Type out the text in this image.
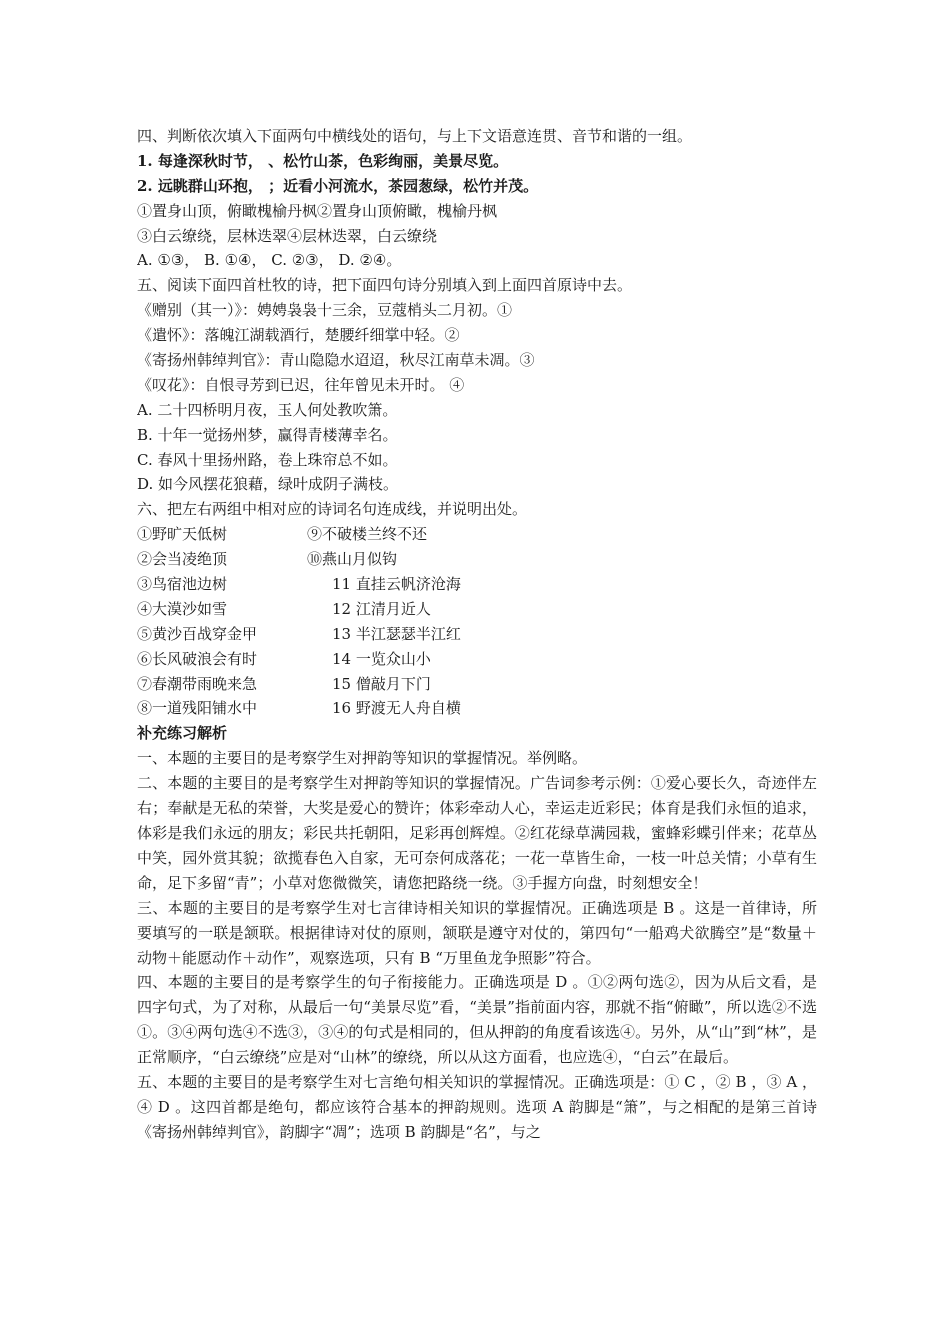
四、判断依次填入下面两句中横线处的语句，与上下文语意连贯、音节和谐的一组。
1. 每逢深秋时节， 、松竹山茶，色彩绚丽，美景尽览。
2. 远眺群山环抱， ；近看小河流水，茶园葱绿，松竹并茂。
①置身山顶，俯瞰槐榆丹枫②置身山顶俯瞰，槐榆丹枫
③白云缭绕，层林迭翠④层林迭翠，白云缭绕
A. ①③， B. ①④， C. ②③， D. ②④。
五、阅读下面四首杜牧的诗，把下面四句诗分别填入到上面四首原诗中去。
《赠别（其一）》：娉娉袅袅十三余，豆蔻梢头二月初。①
《遣怀》：落魄江湖载酒行，楚腰纤细掌中轻。②
《寄扬州韩绰判官》：青山隐隐水迢迢，秋尽江南草未凋。③
《叹花》：自恨寻芳到已迟，往年曾见未开时。 ④
A. 二十四桥明月夜，玉人何处教吹箫。
B. 十年一觉扬州梦，赢得青楼薄幸名。
C. 春风十里扬州路，卷上珠帘总不如。
D. 如今风摆花狼藉，绿叶成阴子满枝。
六、把左右两组中相对应的诗词名句连成线，并说明出处。
①野旷天低树	⑨不破楼兰终不还
②会当凌绝顶	⑩燕山月似钩
③鸟宿池边树	11 直挂云帆济沧海
④大漠沙如雪	12 江清月近人
⑤黄沙百战穿金甲	13 半江瑟瑟半江红
⑥长风破浪会有时	14 一览众山小
⑦春潮带雨晚来急	15 僧敲月下门
⑧一道残阳铺水中	16 野渡无人舟自横
补充练习解析
一、本题的主要目的是考察学生对押韵等知识的掌握情况。举例略。
二、本题的主要目的是考察学生对押韵等知识的掌握情况。广告词参考示例：①爱心要长久，奇迹伴左右；奉献是无私的荣誉，大奖是爱心的赞许；体彩牵动人心，幸运走近彩民；体育是我们永恒的追求，体彩是我们永远的朋友；彩民共托朝阳，足彩再创辉煌。②红花绿草满园栽，蜜蜂彩蝶引伴来；花草丛中笑，园外赏其貌；欲揽春色入自家，无可奈何成落花；一花一草皆生命，一枝一叶总关情；小草有生命，足下多留“青”；小草对您微微笑，请您把路绕一绕。③手握方向盘，时刻想安全！
三、本题的主要目的是考察学生对七言律诗相关知识的掌握情况。正确选项是 B 。这是一首律诗，所要填写的一联是颔联。根据律诗对仗的原则，颔联是遵守对仗的，第四句“一船鸡犬欲腾空”是“数量＋动物＋能愿动作＋动作”，观察选项，只有 B “万里鱼龙争照影”符合。
四、本题的主要目的是考察学生的句子衔接能力。正确选项是 D 。①②两句选②，因为从后文看，是四字句式，为了对称，从最后一句“美景尽览”看，“美景”指前面内容，那就不指“俯瞰”，所以选②不选①。③④两句选④不选③，③④的句式是相同的，但从押韵的角度看该选④。另外，从“山”到“林”，是正常顺序，“白云缭绕”应是对“山林”的缭绕，所以从这方面看，也应选④，“白云”在最后。
五、本题的主要目的是考察学生对七言绝句相关知识的掌握情况。正确选项是：① C ，② B ，③ A ，④ D 。这四首都是绝句，都应该符合基本的押韵规则。选项 A 韵脚是“箫”，与之相配的是第三首诗《寄扬州韩绰判官》，韵脚字“凋”；选项 B 韵脚是“名”，与之
